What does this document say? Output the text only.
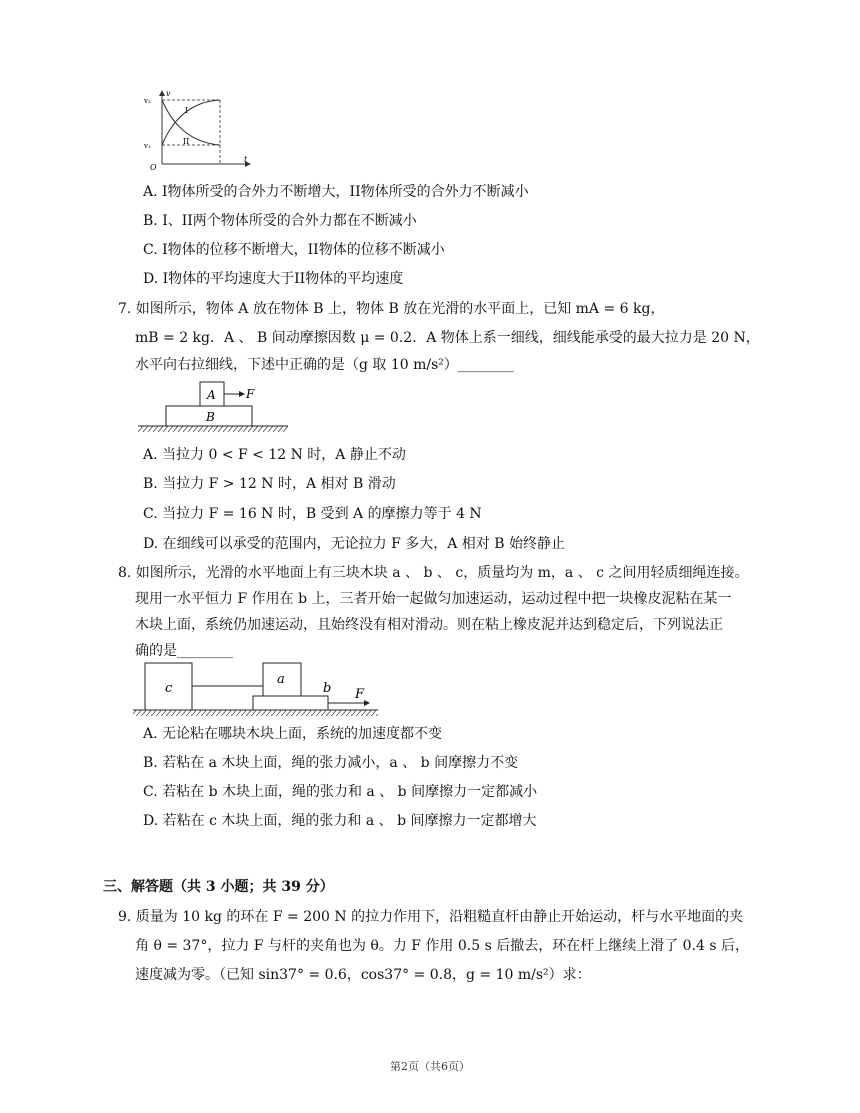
v
t
O
v₂
v₁
I
II
A. I物体所受的合外力不断增大，II物体所受的合外力不断减小
B. I、II两个物体所受的合外力都在不断减小
C. I物体的位移不断增大，II物体的位移不断减小
D. I物体的平均速度大于II物体的平均速度
7. 如图所示，物体 A 放在物体 B 上，物体 B 放在光滑的水平面上，已知 mA = 6 kg，
mB = 2 kg．A 、 B 间动摩擦因数 μ = 0.2．A 物体上系一细线，细线能承受的最大拉力是 20 N，
水平向右拉细线，下述中正确的是（g 取 10 m/s²）________
A
B
F
A. 当拉力 0 < F < 12 N 时，A 静止不动
B. 当拉力 F > 12 N 时，A 相对 B 滑动
C. 当拉力 F = 16 N 时，B 受到 A 的摩擦力等于 4 N
D. 在细线可以承受的范围内，无论拉力 F 多大，A 相对 B 始终静止
8. 如图所示，光滑的水平地面上有三块木块 a 、 b 、 c，质量均为 m，a 、 c 之间用轻质细绳连接。
现用一水平恒力 F 作用在 b 上，三者开始一起做匀加速运动，运动过程中把一块橡皮泥粘在某一
木块上面，系统仍加速运动，且始终没有相对滑动。则在粘上橡皮泥并达到稳定后，下列说法正
确的是________
c
a
b F
A. 无论粘在哪块木块上面，系统的加速度都不变
B. 若粘在 a 木块上面，绳的张力减小，a 、 b 间摩擦力不变
C. 若粘在 b 木块上面，绳的张力和 a 、 b 间摩擦力一定都减小
D. 若粘在 c 木块上面，绳的张力和 a 、 b 间摩擦力一定都增大
三、解答题（共 3 小题；共 39 分）
9. 质量为 10 kg 的环在 F = 200 N 的拉力作用下，沿粗糙直杆由静止开始运动，杆与水平地面的夹
角 θ = 37°，拉力 F 与杆的夹角也为 θ。力 F 作用 0.5 s 后撤去，环在杆上继续上滑了 0.4 s 后，
速度减为零。（已知 sin37° = 0.6，cos37° = 0.8，g = 10 m/s²）求：
第2页（共6页）
